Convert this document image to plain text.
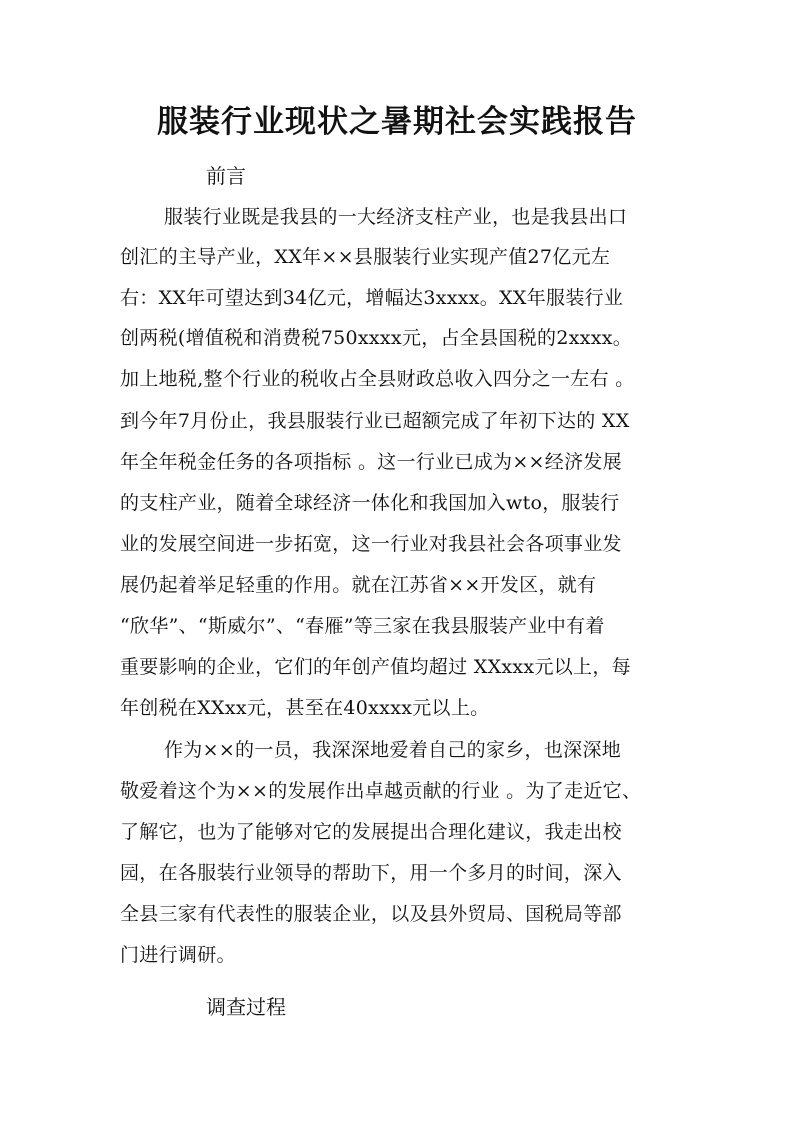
服装行业现状之暑期社会实践报告
前言
服装行业既是我县的一大经济支柱产业，也是我县出口
创汇的主导产业，XX年××县服装行业实现产值27亿元左
右：XX年可望达到34亿元，增幅达3xxxx。XX年服装行业
创两税(增值税和消费税750xxxx元，占全县国税的2xxxx。
加上地税,整个行业的税收占全县财政总收入四分之一左右 。
到今年7月份止，我县服装行业已超额完成了年初下达的 XX
年全年税金任务的各项指标 。这一行业已成为××经济发展
的支柱产业，随着全球经济一体化和我国加入wto，服装行
业的发展空间进一步拓宽，这一行业对我县社会各项事业发
展仍起着举足轻重的作用。就在江苏省××开发区，就有
“欣华”、“斯威尔”、“春雁”等三家在我县服装产业中有着
重要影响的企业，它们的年创产值均超过 XXxxx元以上，每
年创税在XXxx元，甚至在40xxxx元以上。
作为××的一员，我深深地爱着自己的家乡，也深深地
敬爱着这个为××的发展作出卓越贡献的行业 。为了走近它、
了解它，也为了能够对它的发展提出合理化建议，我走出校
园，在各服装行业领导的帮助下，用一个多月的时间，深入
全县三家有代表性的服装企业，以及县外贸局、国税局等部
门进行调研。
调查过程
